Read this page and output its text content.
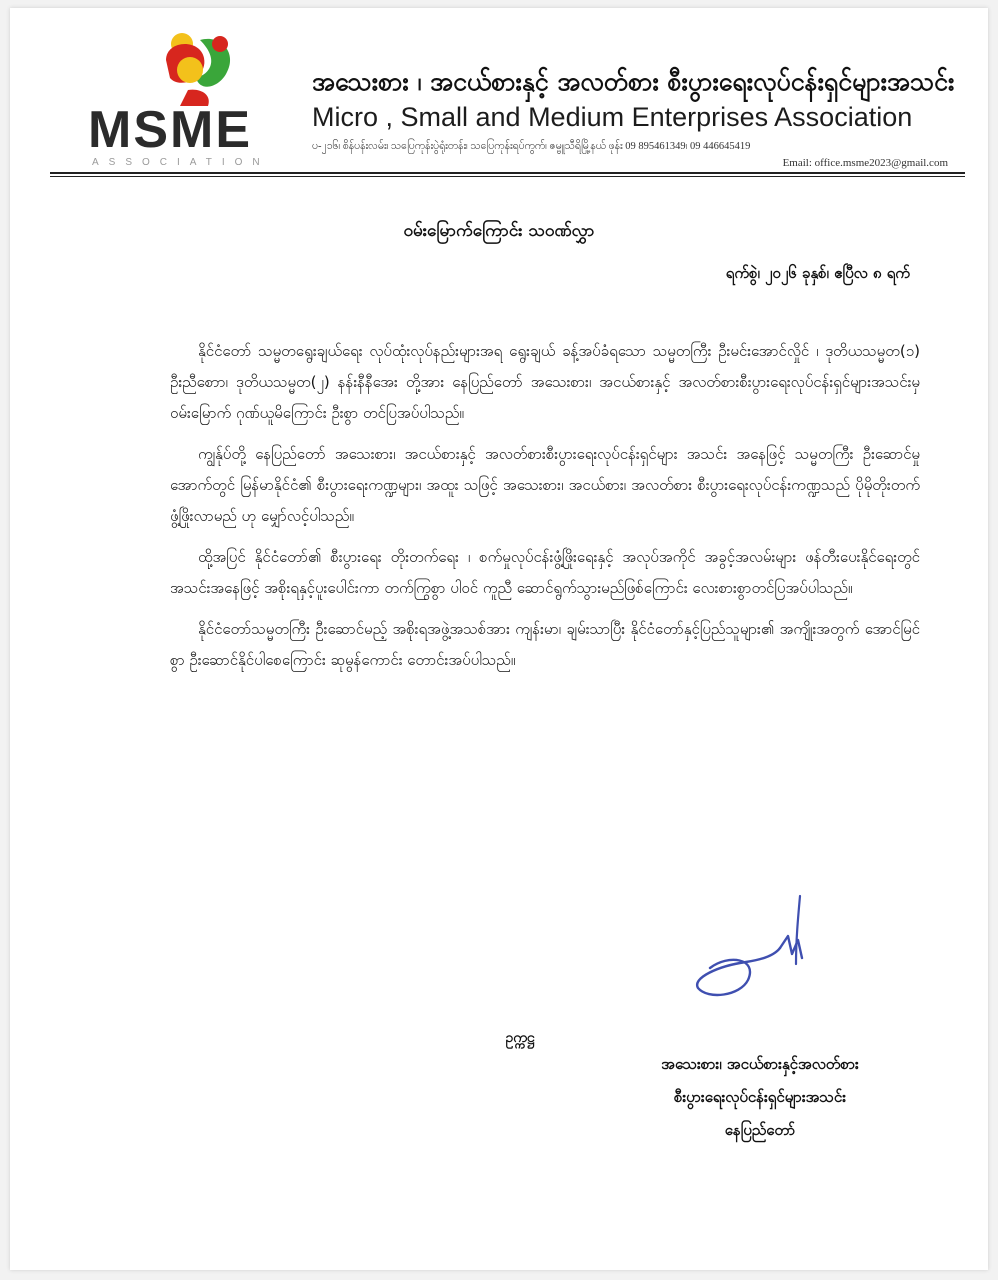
MSME
ASSOCIATION
အသေးစား ၊ အငယ်စားနှင့် အလတ်စား စီးပွားရေးလုပ်ငန်းရှင်များအသင်း
Micro , Small and Medium Enterprises Association
ပ-၂၁၆၊ စိန်ပန်းလမ်း၊ သပြေကုန်းပွဲရုံးတန်း၊ သပြေကုန်းရပ်ကွက်၊ ဇမ္ဗူသီရိမြို့နယ် ဖုန်း 09 895461349၊ 09 446645419
Email: office.msme2023@gmail.com
ဝမ်းမြောက်ကြောင်း သဝဏ်လွှာ
ရက်စွဲ၊ ၂၀၂၆ ခုနှစ်၊ ဧပြီလ ၈ ရက်

နိုင်ငံတော် သမ္မတရွေးချယ်ရေး လုပ်ထုံးလုပ်နည်းများအရ ရွေးချယ် ခန့်အပ်ခံရသော သမ္မတကြီး ဦးမင်းအောင်လှိုင် ၊ ဒုတိယသမ္မတ(၁) ဦးညီစောာ၊ ဒုတိယသမ္မတ(၂) နန်းနီနီအေး တို့အား နေပြည်တော် အသေးစား၊ အငယ်စားနှင့် အလတ်စားစီးပွားရေးလုပ်ငန်းရှင်များအသင်းမှ ဝမ်းမြောက် ဂုဏ်ယူမိကြောင်း ဦးစွာ တင်ပြအပ်ပါသည်။

ကျွန်ုပ်တို့ နေပြည်တော် အသေးစား၊ အငယ်စားနှင့် အလတ်စားစီးပွားရေးလုပ်ငန်းရှင်များ အသင်း အနေဖြင့် သမ္မတကြီး ဦးဆောင်မှုအောက်တွင် မြန်မာနိုင်ငံ၏ စီးပွားရေးကဏ္ဍများ၊ အထူး သဖြင့် အသေးစား၊ အငယ်စား၊ အလတ်စား စီးပွားရေးလုပ်ငန်းကဏ္ဍသည် ပိုမိုတိုးတက်ဖွံ့ဖြိုးလာမည် ဟု မျှော်လင့်ပါသည်။

ထို့အပြင် နိုင်ငံတော်၏ စီးပွားရေး တိုးတက်ရေး ၊ စက်မှုလုပ်ငန်းဖွံ့ဖြိုးရေးနှင့် အလုပ်အကိုင် အခွင့်အလမ်းများ ဖန်တီးပေးနိုင်ရေးတွင် အသင်းအနေဖြင့် အစိုးရနှင့်ပူးပေါင်းကာ တက်ကြွစွာ ပါဝင် ကူညီ ဆောင်ရွက်သွားမည်ဖြစ်ကြောင်း လေးစားစွာတင်ပြအပ်ပါသည်။

နိုင်ငံတော်သမ္မတကြီး ဦးဆောင်မည့် အစိုးရအဖွဲ့အသစ်အား ကျန်းမာ၊ ချမ်းသာပြီး နိုင်ငံတော်နှင့်ပြည်သူများ၏ အကျိုးအတွက် အောင်မြင်စွာ ဦးဆောင်နိုင်ပါစေကြောင်း ဆုမွန်ကောင်း တောင်းအပ်ပါသည်။

ဥက္ကဋ္ဌ
အသေးစား၊ အငယ်စားနှင့်အလတ်စား
စီးပွားရေးလုပ်ငန်းရှင်များအသင်း
နေပြည်တော်
